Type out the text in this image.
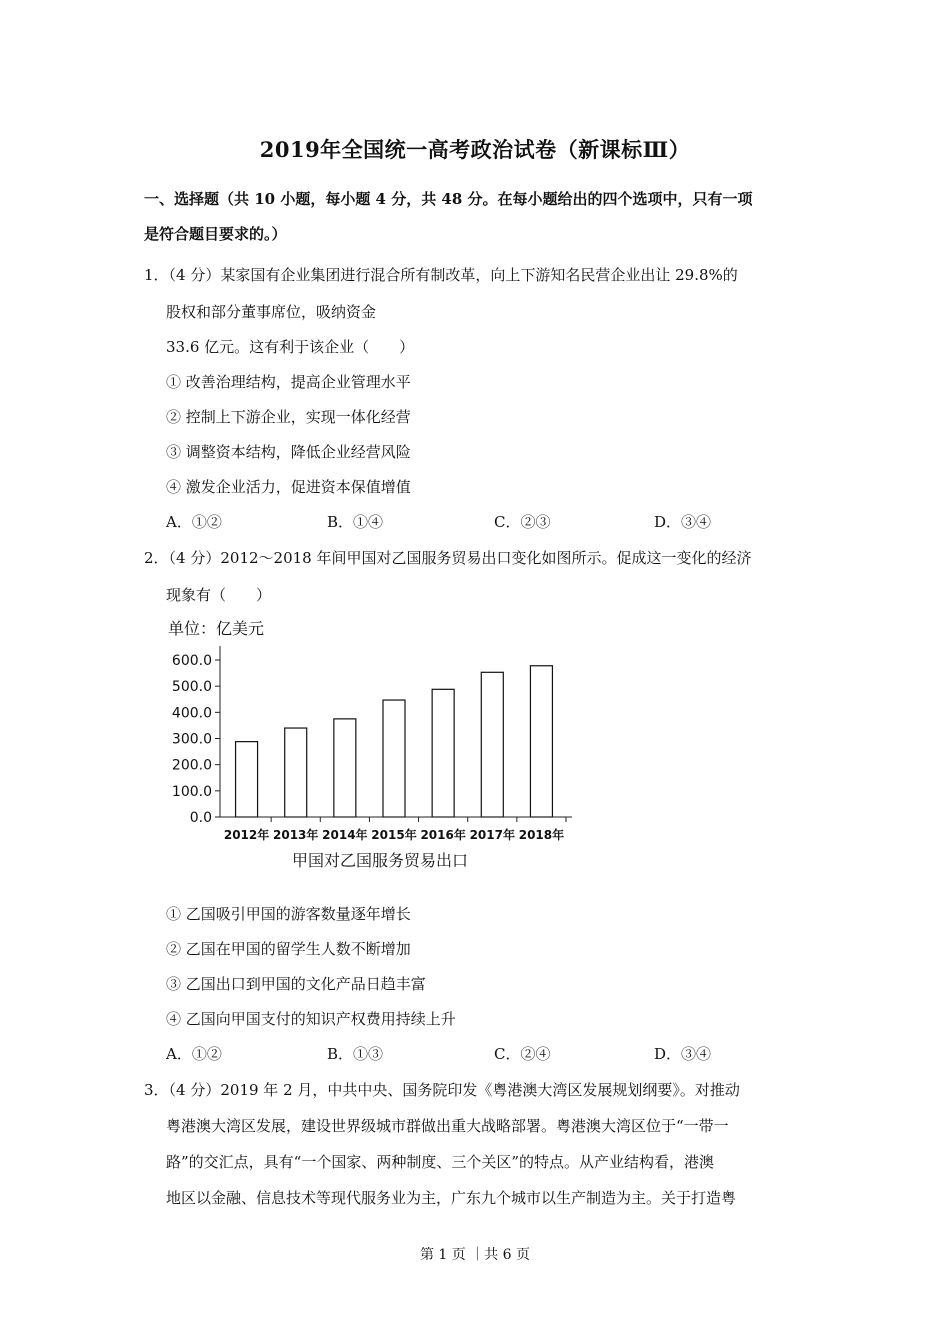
2019年全国统一高考政治试卷（新课标Ⅲ）
一、选择题（共 10 小题，每小题 4 分，共 48 分。在每小题给出的四个选项中，只有一项
是符合题目要求的。）
1．（4 分）某家国有企业集团进行混合所有制改革，向上下游知名民营企业出让 29.8%的
股权和部分董事席位，吸纳资金
33.6 亿元。这有利于该企业（　　）
① 改善治理结构，提高企业管理水平
② 控制上下游企业，实现一体化经营
③ 调整资本结构，降低企业经营风险
④ 激发企业活力，促进资本保值增值
A．①②	B．①④	C．②③	D．③④
2．（4 分）2012～2018 年间甲国对乙国服务贸易出口变化如图所示。促成这一变化的经济
现象有（　　）
单位：亿美元
0.0
100.0
200.0
300.0
400.0
500.0
600.0
2012年 2013年 2014年 2015年 2016年 2017年 2018年
甲国对乙国服务贸易出口
① 乙国吸引甲国的游客数量逐年增长
② 乙国在甲国的留学生人数不断增加
③ 乙国出口到甲国的文化产品日趋丰富
④ 乙国向甲国支付的知识产权费用持续上升
A．①②	B．①③	C．②④	D．③④
3．（4 分）2019 年 2 月，中共中央、国务院印发《粤港澳大湾区发展规划纲要》。对推动
粤港澳大湾区发展，建设世界级城市群做出重大战略部署。粤港澳大湾区位于“一带一
路”的交汇点，具有“一个国家、两种制度、三个关区”的特点。从产业结构看，港澳
地区以金融、信息技术等现代服务业为主，广东九个城市以生产制造为主。关于打造粤
第 1 页 ｜共 6 页
